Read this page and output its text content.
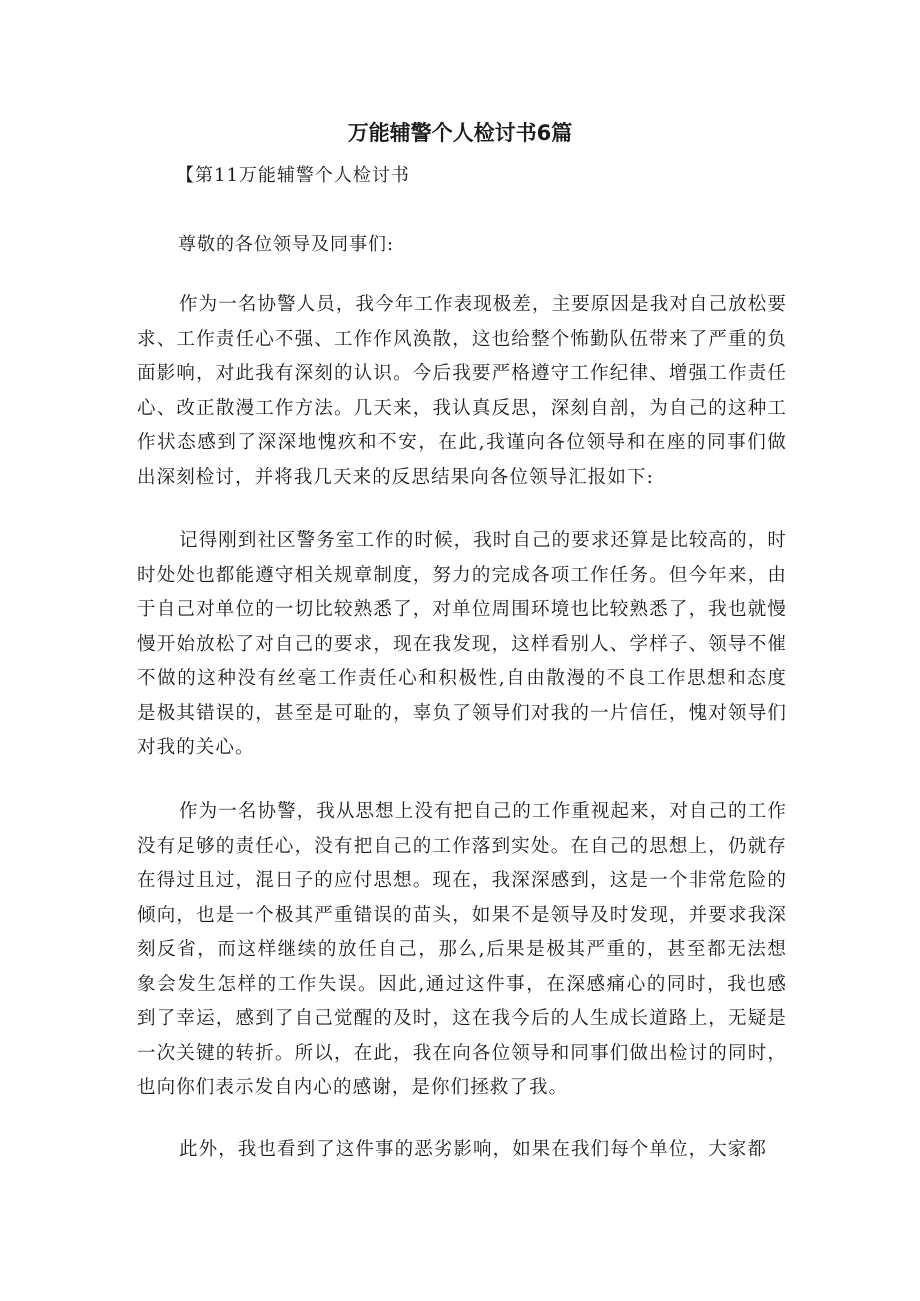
万能辅警个人检讨书6篇
【第11万能辅警个人检讨书
尊敬的各位领导及同事们:

作为一名协警人员，我今年工作表现极差，主要原因是我对自己放松要求、工作责任心不强、工作作风涣散，这也给整个怖勤队伍带来了严重的负面影响，对此我有深刻的认识。今后我要严格遵守工作纪律、增强工作责任心、改正散漫工作方法。几天来，我认真反思，深刻自剖，为自己的这种工作状态感到了深深地愧疚和不安，在此,我谨向各位领导和在座的同事们做出深刻检讨，并将我几天来的反思结果向各位领导汇报如下:

记得刚到社区警务室工作的时候，我时自己的要求还算是比较高的，时时处处也都能遵守相关规章制度，努力的完成各项工作任务。但今年来，由于自己对单位的一切比较熟悉了，对单位周围环境也比较熟悉了，我也就慢慢开始放松了对自己的要求，现在我发现，这样看别人、学样子、领导不催不做的这种没有丝毫工作责任心和积极性,自由散漫的不良工作思想和态度是极其错误的，甚至是可耻的，辜负了领导们对我的一片信任，愧对领导们对我的关心。

作为一名协警，我从思想上没有把自己的工作重视起来，对自己的工作没有足够的责任心，没有把自己的工作落到实处。在自己的思想上，仍就存在得过且过，混日子的应付思想。现在，我深深感到，这是一个非常危险的倾向，也是一个极其严重错误的苗头，如果不是领导及时发现，并要求我深刻反省，而这样继续的放任自己，那么,后果是极其严重的，甚至都无法想象会发生怎样的工作失误。因此,通过这件事，在深感痛心的同时，我也感到了幸运，感到了自己觉醒的及时，这在我今后的人生成长道路上，无疑是一次关键的转折。所以，在此，我在向各位领导和同事们做出检讨的同时，也向你们表示发自内心的感谢，是你们拯救了我。

此外，我也看到了这件事的恶劣影响，如果在我们每个单位，大家都
